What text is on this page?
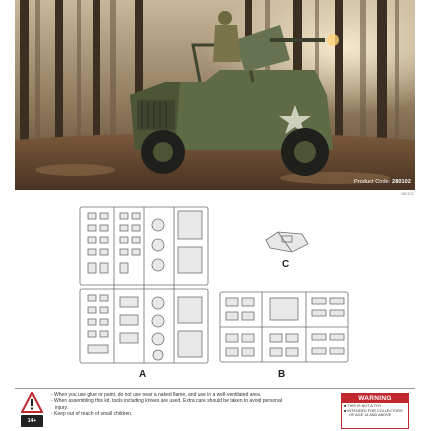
Product Code: 280102
280102
A	B
C
14+
- When you use glue or paint, do not use near a naked flame, and use in a well-ventilated area.
- When assembling this kit, tools including knives are used. Extra care should be taken to avoid personal
injury.
- Keep out of reach of small children.
WARNING
■ THIS IS NOT A TOY
■ INTENDED FOR COLLECTORS
OF AGE 14 AND ABOVE
